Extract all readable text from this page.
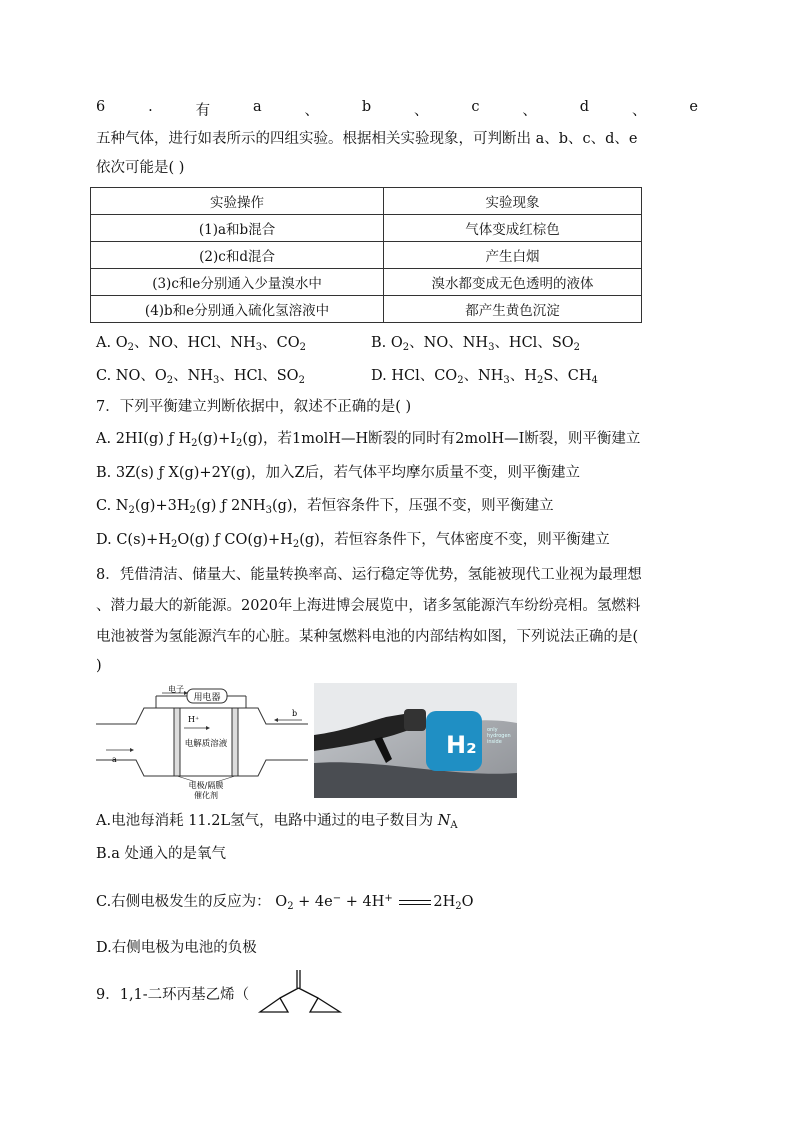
6	.	有	a	、	b	、	c	、	d	、	e
五种气体，进行如表所示的四组实验。根据相关实验现象，可判断出 a、b、c、d、e
依次可能是( )
实验操作	实验现象
(1)a和b混合	气体变成红棕色
(2)c和d混合	产生白烟
(3)c和e分别通入少量溴水中	溴水都变成无色透明的液体
(4)b和e分别通入硫化氢溶液中	都产生黄色沉淀
A. $O_2$、NO、HCl、$NH_3$、$CO_2$	B. $O_2$、NO、$NH_3$、HCl、$SO_2$
C. NO、$O_2$、$NH_3$、HCl、$SO_2$	D. HCl、$CO_2$、$NH_3$、$H_2S$、$CH_4$
7．下列平衡建立判断依据中，叙述不正确的是( )
A. 2HI(g) ƒ $H_2(g)+I_2(g)$，若1molH—H断裂的同时有2molH—I断裂，则平衡建立
B. 3Z(s) ƒ X(g)+2Y(g)，加入Z后，若气体平均摩尔质量不变，则平衡建立
C. $N_2(g)+3H_2(g)$ ƒ $2NH_3(g)$，若恒容条件下，压强不变，则平衡建立
D. $C(s)+H_2O(g)$ ƒ $CO(g)+H_2(g)$，若恒容条件下，气体密度不变，则平衡建立
8．凭借清洁、储量大、能量转换率高、运行稳定等优势，氢能被现代工业视为最理想
、潜力最大的新能源。2020年上海进博会展览中，诸多氢能源汽车纷纷亮相。氢燃料
电池被誉为氢能源汽车的心脏。某种氢燃料电池的内部结构如图，下列说法正确的是(
)
用电器
电子
H⁺
电解质溶液
a
b
电极/隔膜
催化剂
H₂
only
hydrogen
inside
A.电池每消耗 11.2L氢气，电路中通过的电子数目为 $N_A$
B.a 处通入的是氧气
C.右侧电极发生的反应为： $O_2 + 4e^- + 4H^+$	$2H_2O$
D.右侧电极为电池的负极
9．1,1-二环丙基乙烯（
